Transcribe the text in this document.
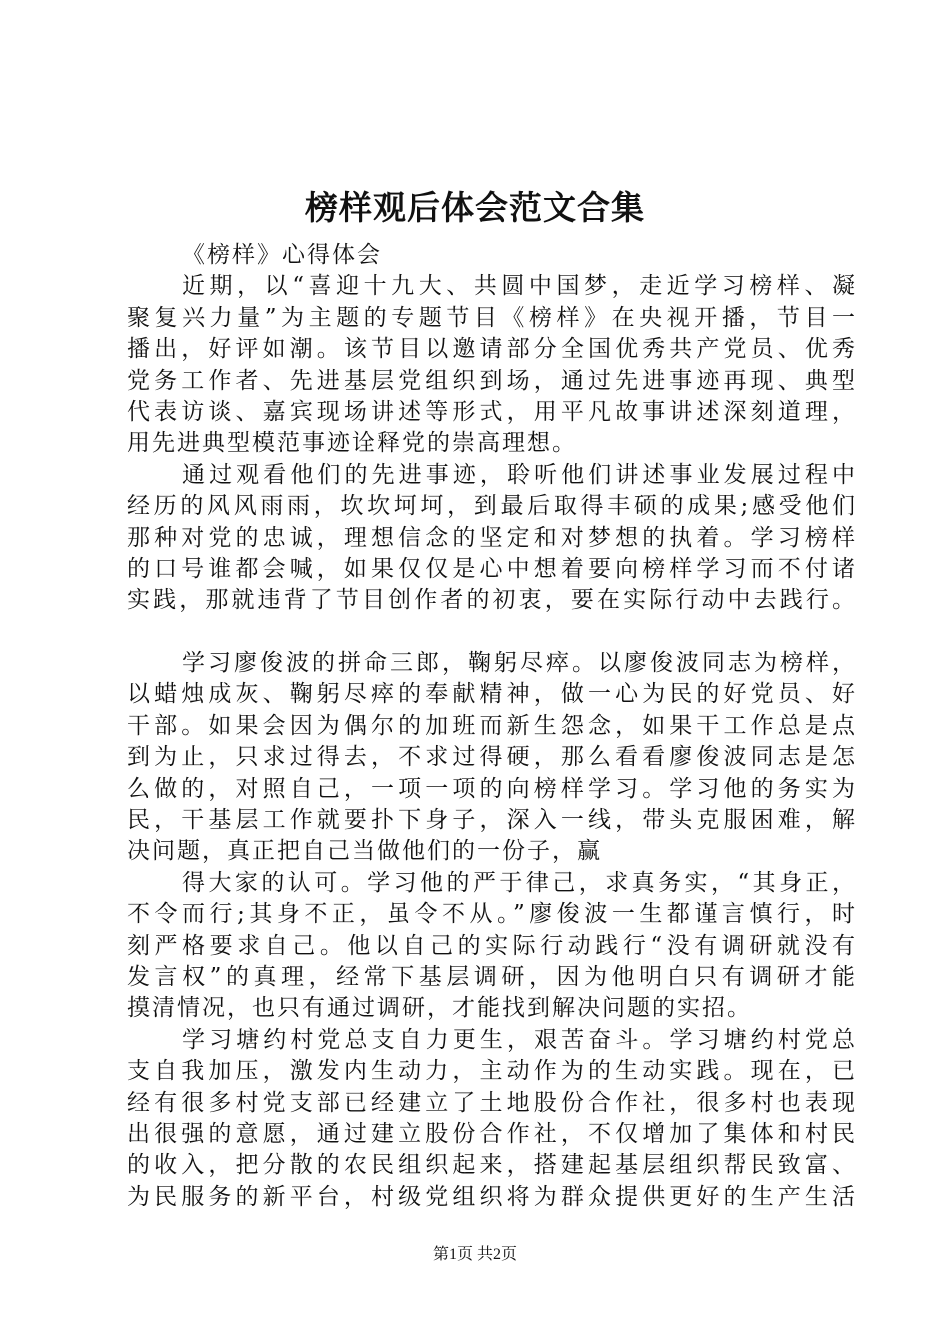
榜样观后体会范文合集
《榜样》心得体会
近期，以“喜迎十九大、共圆中国梦，走近学习榜样、凝
聚复兴力量”为主题的专题节目《榜样》在央视开播，节目一
播出，好评如潮。该节目以邀请部分全国优秀共产党员、优秀
党务工作者、先进基层党组织到场，通过先进事迹再现、典型
代表访谈、嘉宾现场讲述等形式，用平凡故事讲述深刻道理，
用先进典型模范事迹诠释党的崇高理想。
通过观看他们的先进事迹，聆听他们讲述事业发展过程中
经历的风风雨雨，坎坎坷坷，到最后取得丰硕的成果;感受他们
那种对党的忠诚，理想信念的坚定和对梦想的执着。学习榜样
的口号谁都会喊，如果仅仅是心中想着要向榜样学习而不付诸
实践，那就违背了节目创作者的初衷，要在实际行动中去践行。
学习廖俊波的拼命三郎，鞠躬尽瘁。以廖俊波同志为榜样，
以蜡烛成灰、鞠躬尽瘁的奉献精神，做一心为民的好党员、好
干部。如果会因为偶尔的加班而新生怨念，如果干工作总是点
到为止，只求过得去，不求过得硬，那么看看廖俊波同志是怎
么做的，对照自己，一项一项的向榜样学习。学习他的务实为
民，干基层工作就要扑下身子，深入一线，带头克服困难，解
决问题，真正把自己当做他们的一份子，赢
得大家的认可。学习他的严于律己，求真务实，“其身正，
不令而行;其身不正，虽令不从。”廖俊波一生都谨言慎行，时
刻严格要求自己。他以自己的实际行动践行“没有调研就没有
发言权”的真理，经常下基层调研，因为他明白只有调研才能
摸清情况，也只有通过调研，才能找到解决问题的实招。
学习塘约村党总支自力更生，艰苦奋斗。学习塘约村党总
支自我加压，激发内生动力，主动作为的生动实践。现在，已
经有很多村党支部已经建立了土地股份合作社，很多村也表现
出很强的意愿，通过建立股份合作社，不仅增加了集体和村民
的收入，把分散的农民组织起来，搭建起基层组织帮民致富、
为民服务的新平台，村级党组织将为群众提供更好的生产生活
第1页 共2页
